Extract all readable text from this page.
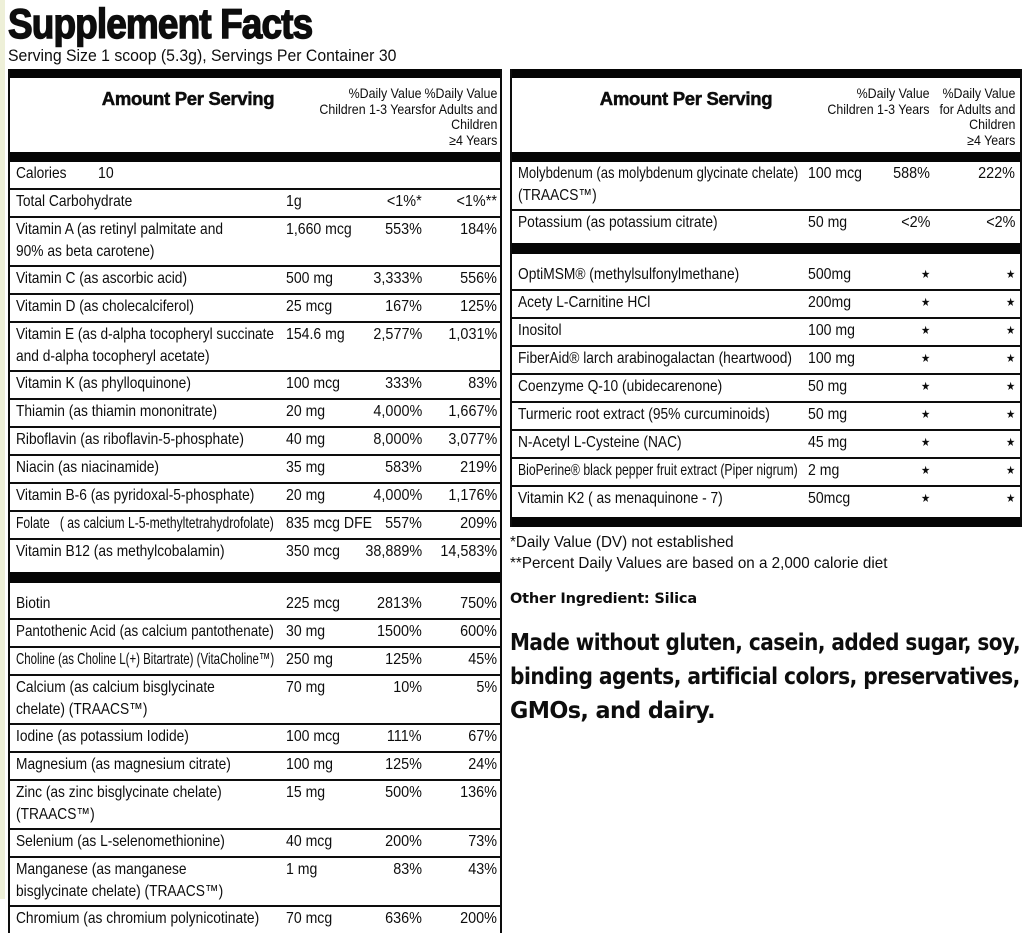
Supplement Facts
Serving Size 1 scoop (5.3g), Servings Per Container 30
Amount Per Serving	%Daily Value
Children 1-3 Years
%Daily Value
for Adults and
Children
≥4 Years
Calories	10
Total Carbohydrate	1g	<1%* <1%**
Vitamin A (as retinyl palmitate and
90% as beta carotene)
1,660 mcg 553% 184%
Vitamin C (as ascorbic acid)	500 mg	3,333% 556%
Vitamin D (as cholecalciferol)	25 mcg	167% 125%
Vitamin E (as d-alpha tocopheryl succinate
and d-alpha tocopheryl acetate)
154.6 mg 2,577% 1,031%
Vitamin K (as phylloquinone)	100 mcg	333%	83%
Thiamin (as thiamin mononitrate)	20 mg	4,000% 1,667%
Riboflavin (as riboflavin-5-phosphate)	40 mg	8,000% 3,077%
Niacin (as niacinamide)	35 mg	583% 219%
Vitamin B-6 (as pyridoxal-5-phosphate) 20 mg	4,000% 1,176%
Folate   ( as calcium L-5-methyltetrahydrofolate) 835 mcg DFE 557% 209%
Vitamin B12 (as methylcobalamin)	350 mcg 38,889% 14,583%
Biotin	225 mcg 2813% 750%
Pantothenic Acid (as calcium pantothenate) 30 mg	1500% 600%
Choline (as Choline L(+) Bitartrate) (VitaCholine™) 250 mg	125%	45%
Calcium (as calcium bisglycinate
chelate) (TRAACS™)
70 mg	10%	5%
Iodine (as potassium Iodide)	100 mcg	111%	67%
Magnesium (as magnesium citrate)	100 mg	125%	24%
Zinc (as zinc bisglycinate chelate)
(TRAACS™)
15 mg	500% 136%
Selenium (as L-selenomethionine)	40 mcg	200%	73%
Manganese (as manganese
bisglycinate chelate) (TRAACS™)
1 mg	83%	43%
Chromium (as chromium polynicotinate) 70 mcg	636% 200%
Amount Per Serving	%Daily Value
Children 1-3 Years
%Daily Value
for Adults and
Children
≥4 Years
Molybdenum (as molybdenum glycinate chelate)
(TRAACS™)
100 mcg 588%	222%
Potassium (as potassium citrate)	50 mg	<2%	<2%
OptiMSM® (methylsulfonylmethane)	500mg	★	★
Acety L-Carnitine HCl	200mg	★	★
Inositol	100 mg	★	★
FiberAid® larch arabinogalactan (heartwood) 100 mg	★	★
Coenzyme Q-10 (ubidecarenone)	50 mg	★	★
Turmeric root extract (95% curcuminoids) 50 mg	★	★
N-Acetyl L-Cysteine (NAC)	45 mg	★	★
BioPerine® black pepper fruit extract (Piper nigrum) 2 mg	★	★
Vitamin K2 ( as menaquinone - 7)	50mcg	★	★
*Daily Value (DV) not established
**Percent Daily Values are based on a 2,000 calorie diet
Other Ingredient: Silica
Made without gluten, casein, added sugar, soy,
binding agents, artificial colors, preservatives,
GMOs, and dairy.
